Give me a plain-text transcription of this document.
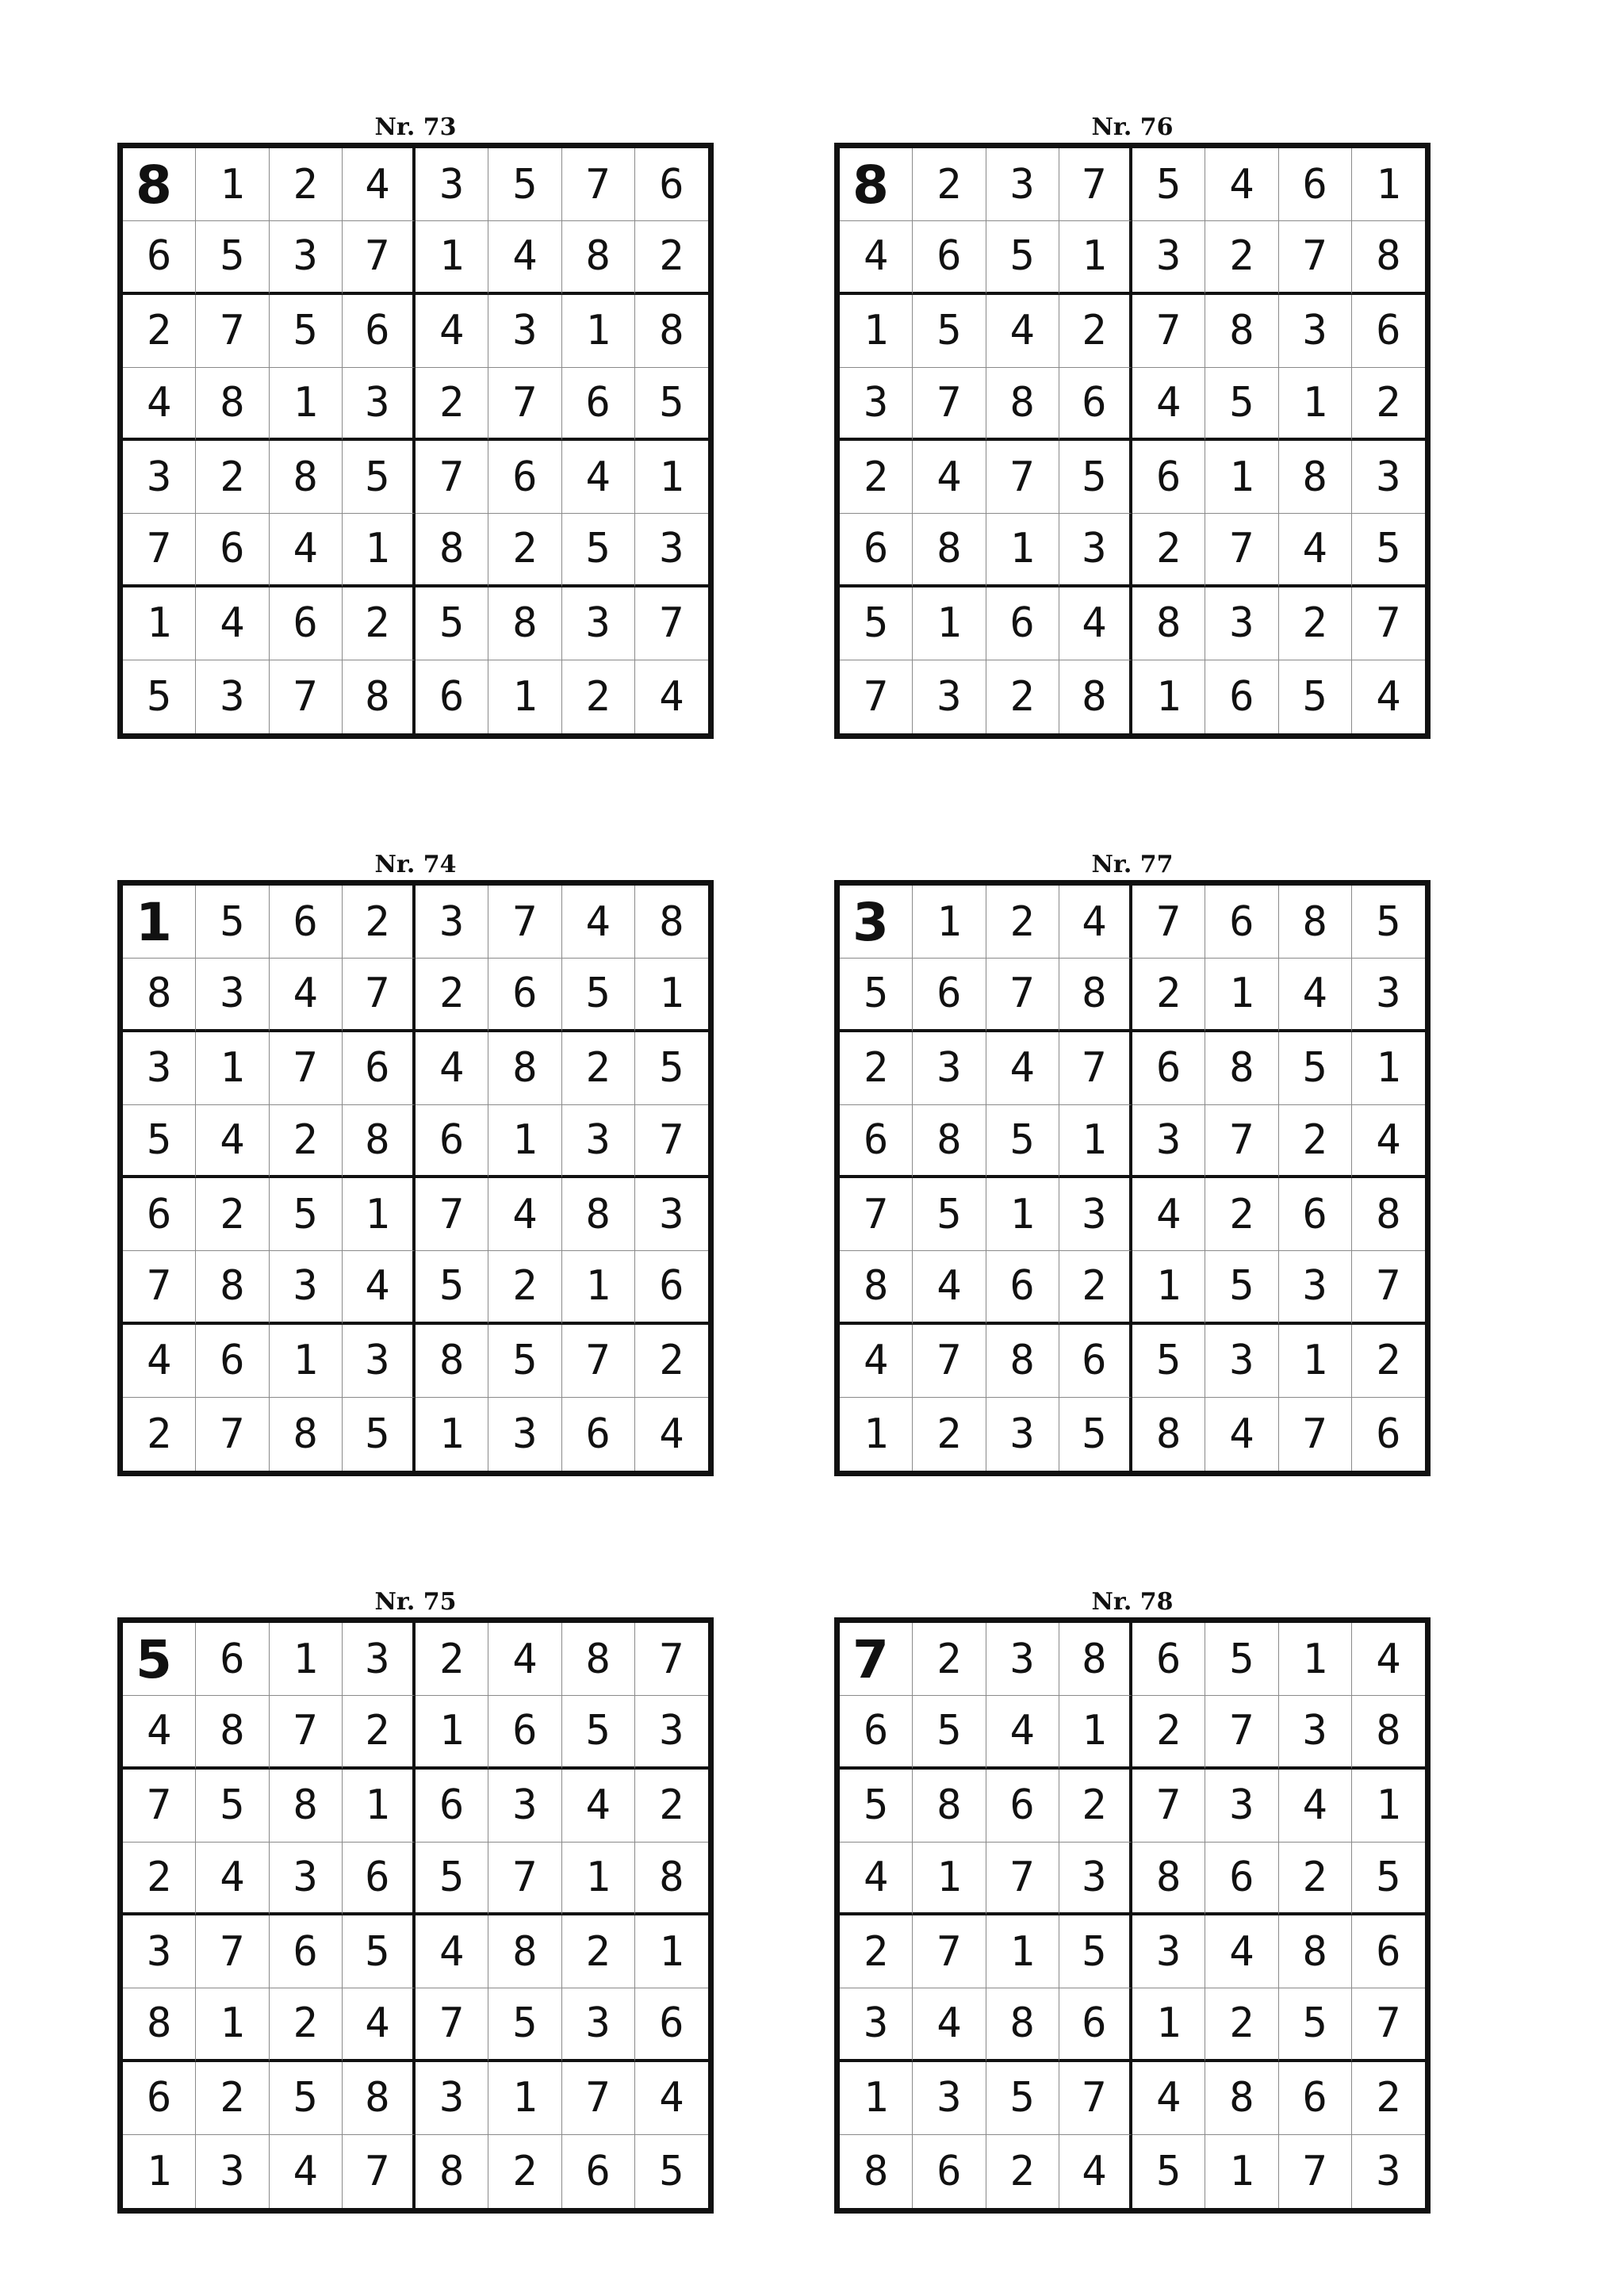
Nr. 73
8	1	2	4	3	5	7	6
6	5	3	7	1	4	8	2
2	7	5	6	4	3	1	8
4	8	1	3	2	7	6	5
3	2	8	5	7	6	4	1
7	6	4	1	8	2	5	3
1	4	6	2	5	8	3	7
5	3	7	8	6	1	2	4
Nr. 76
8	2	3	7	5	4	6	1
4	6	5	1	3	2	7	8
1	5	4	2	7	8	3	6
3	7	8	6	4	5	1	2
2	4	7	5	6	1	8	3
6	8	1	3	2	7	4	5
5	1	6	4	8	3	2	7
7	3	2	8	1	6	5	4
Nr. 74
1	5	6	2	3	7	4	8
8	3	4	7	2	6	5	1
3	1	7	6	4	8	2	5
5	4	2	8	6	1	3	7
6	2	5	1	7	4	8	3
7	8	3	4	5	2	1	6
4	6	1	3	8	5	7	2
2	7	8	5	1	3	6	4
Nr. 77
3	1	2	4	7	6	8	5
5	6	7	8	2	1	4	3
2	3	4	7	6	8	5	1
6	8	5	1	3	7	2	4
7	5	1	3	4	2	6	8
8	4	6	2	1	5	3	7
4	7	8	6	5	3	1	2
1	2	3	5	8	4	7	6
Nr. 75
5	6	1	3	2	4	8	7
4	8	7	2	1	6	5	3
7	5	8	1	6	3	4	2
2	4	3	6	5	7	1	8
3	7	6	5	4	8	2	1
8	1	2	4	7	5	3	6
6	2	5	8	3	1	7	4
1	3	4	7	8	2	6	5
Nr. 78
7	2	3	8	6	5	1	4
6	5	4	1	2	7	3	8
5	8	6	2	7	3	4	1
4	1	7	3	8	6	2	5
2	7	1	5	3	4	8	6
3	4	8	6	1	2	5	7
1	3	5	7	4	8	6	2
8	6	2	4	5	1	7	3
